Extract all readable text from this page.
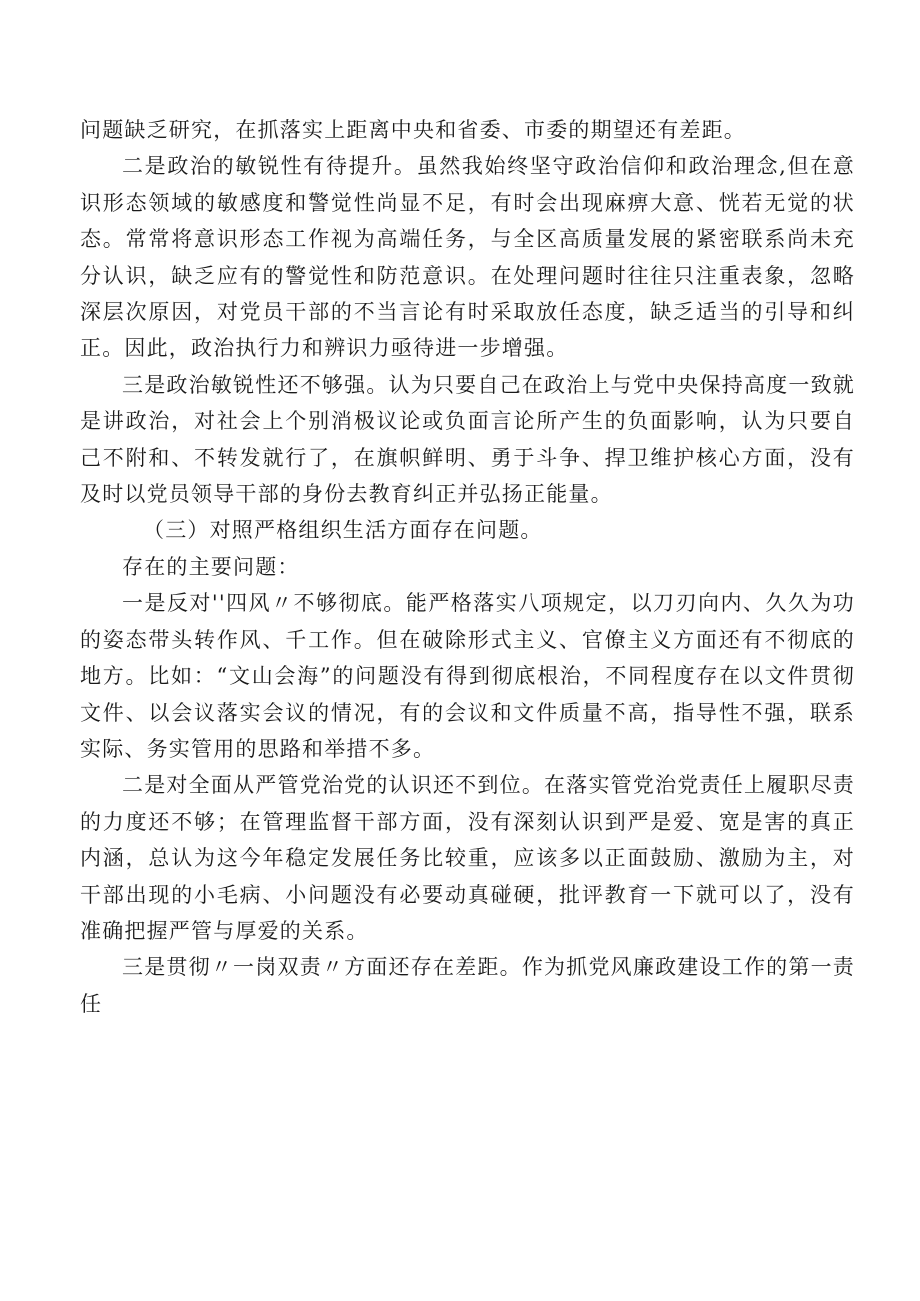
问题缺乏研究，在抓落实上距离中央和省委、市委的期望还有差距。

二是政治的敏锐性有待提升。虽然我始终坚守政治信仰和政治理念,但在意识形态领域的敏感度和警觉性尚显不足，有时会出现麻痹大意、恍若无觉的状态。常常将意识形态工作视为高端任务，与全区高质量发展的紧密联系尚未充分认识，缺乏应有的警觉性和防范意识。在处理问题时往往只注重表象，忽略深层次原因，对党员干部的不当言论有时采取放任态度，缺乏适当的引导和纠正。因此，政治执行力和辨识力亟待进一步增强。

三是政治敏锐性还不够强。认为只要自己在政治上与党中央保持高度一致就是讲政治，对社会上个别消极议论或负面言论所产生的负面影响，认为只要自己不附和、不转发就行了，在旗帜鲜明、勇于斗争、捍卫维护核心方面，没有及时以党员领导干部的身份去教育纠正并弘扬正能量。

（三）对照严格组织生活方面存在问题。

存在的主要问题：

一是反对''四风〃不够彻底。能严格落实八项规定，以刀刃向内、久久为功的姿态带头转作风、千工作。但在破除形式主义、官僚主义方面还有不彻底的地方。比如：“文山会海”的问题没有得到彻底根治，不同程度存在以文件贯彻文件、以会议落实会议的情况，有的会议和文件质量不高，指导性不强，联系实际、务实管用的思路和举措不多。

二是对全面从严管党治党的认识还不到位。在落实管党治党责任上履职尽责的力度还不够；在管理监督干部方面，没有深刻认识到严是爱、宽是害的真正内涵，总认为这今年稳定发展任务比较重，应该多以正面鼓励、激励为主，对干部出现的小毛病、小问题没有必要动真碰硬，批评教育一下就可以了，没有准确把握严管与厚爱的关系。

三是贯彻〃一岗双责〃方面还存在差距。作为抓党风廉政建设工作的第一责任
